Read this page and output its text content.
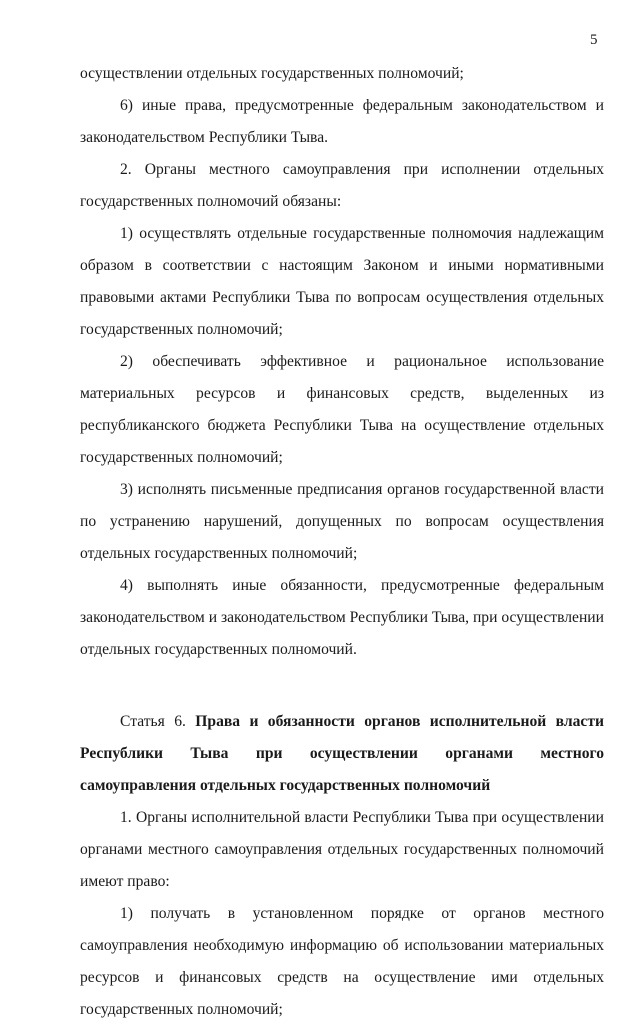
5

осуществлении отдельных государственных полномочий;

6) иные права, предусмотренные федеральным законодательством и законодательством Республики Тыва.

2. Органы местного самоуправления при исполнении отдельных государственных полномочий обязаны:

1) осуществлять отдельные государственные полномочия надлежащим образом в соответствии с настоящим Законом и иными нормативными правовыми актами Республики Тыва по вопросам осуществления отдельных государственных полномочий;

2) обеспечивать эффективное и рациональное использование материальных ресурсов и финансовых средств, выделенных из республиканского бюджета Республики Тыва на осуществление отдельных государственных полномочий;

3) исполнять письменные предписания органов государственной власти по устранению нарушений, допущенных по вопросам осуществления отдельных государственных полномочий;

4) выполнять иные обязанности, предусмотренные федеральным законодательством и законодательством Республики Тыва, при осуществлении отдельных государственных полномочий.

Статья 6. Права и обязанности органов исполнительной власти Республики Тыва при осуществлении органами местного самоуправления отдельных государственных полномочий

1. Органы исполнительной власти Республики Тыва при осуществлении органами местного самоуправления отдельных государственных полномочий имеют право:

1) получать в установленном порядке от органов местного самоуправления необходимую информацию об использовании материальных ресурсов и финансовых средств на осуществление ими отдельных государственных полномочий;
